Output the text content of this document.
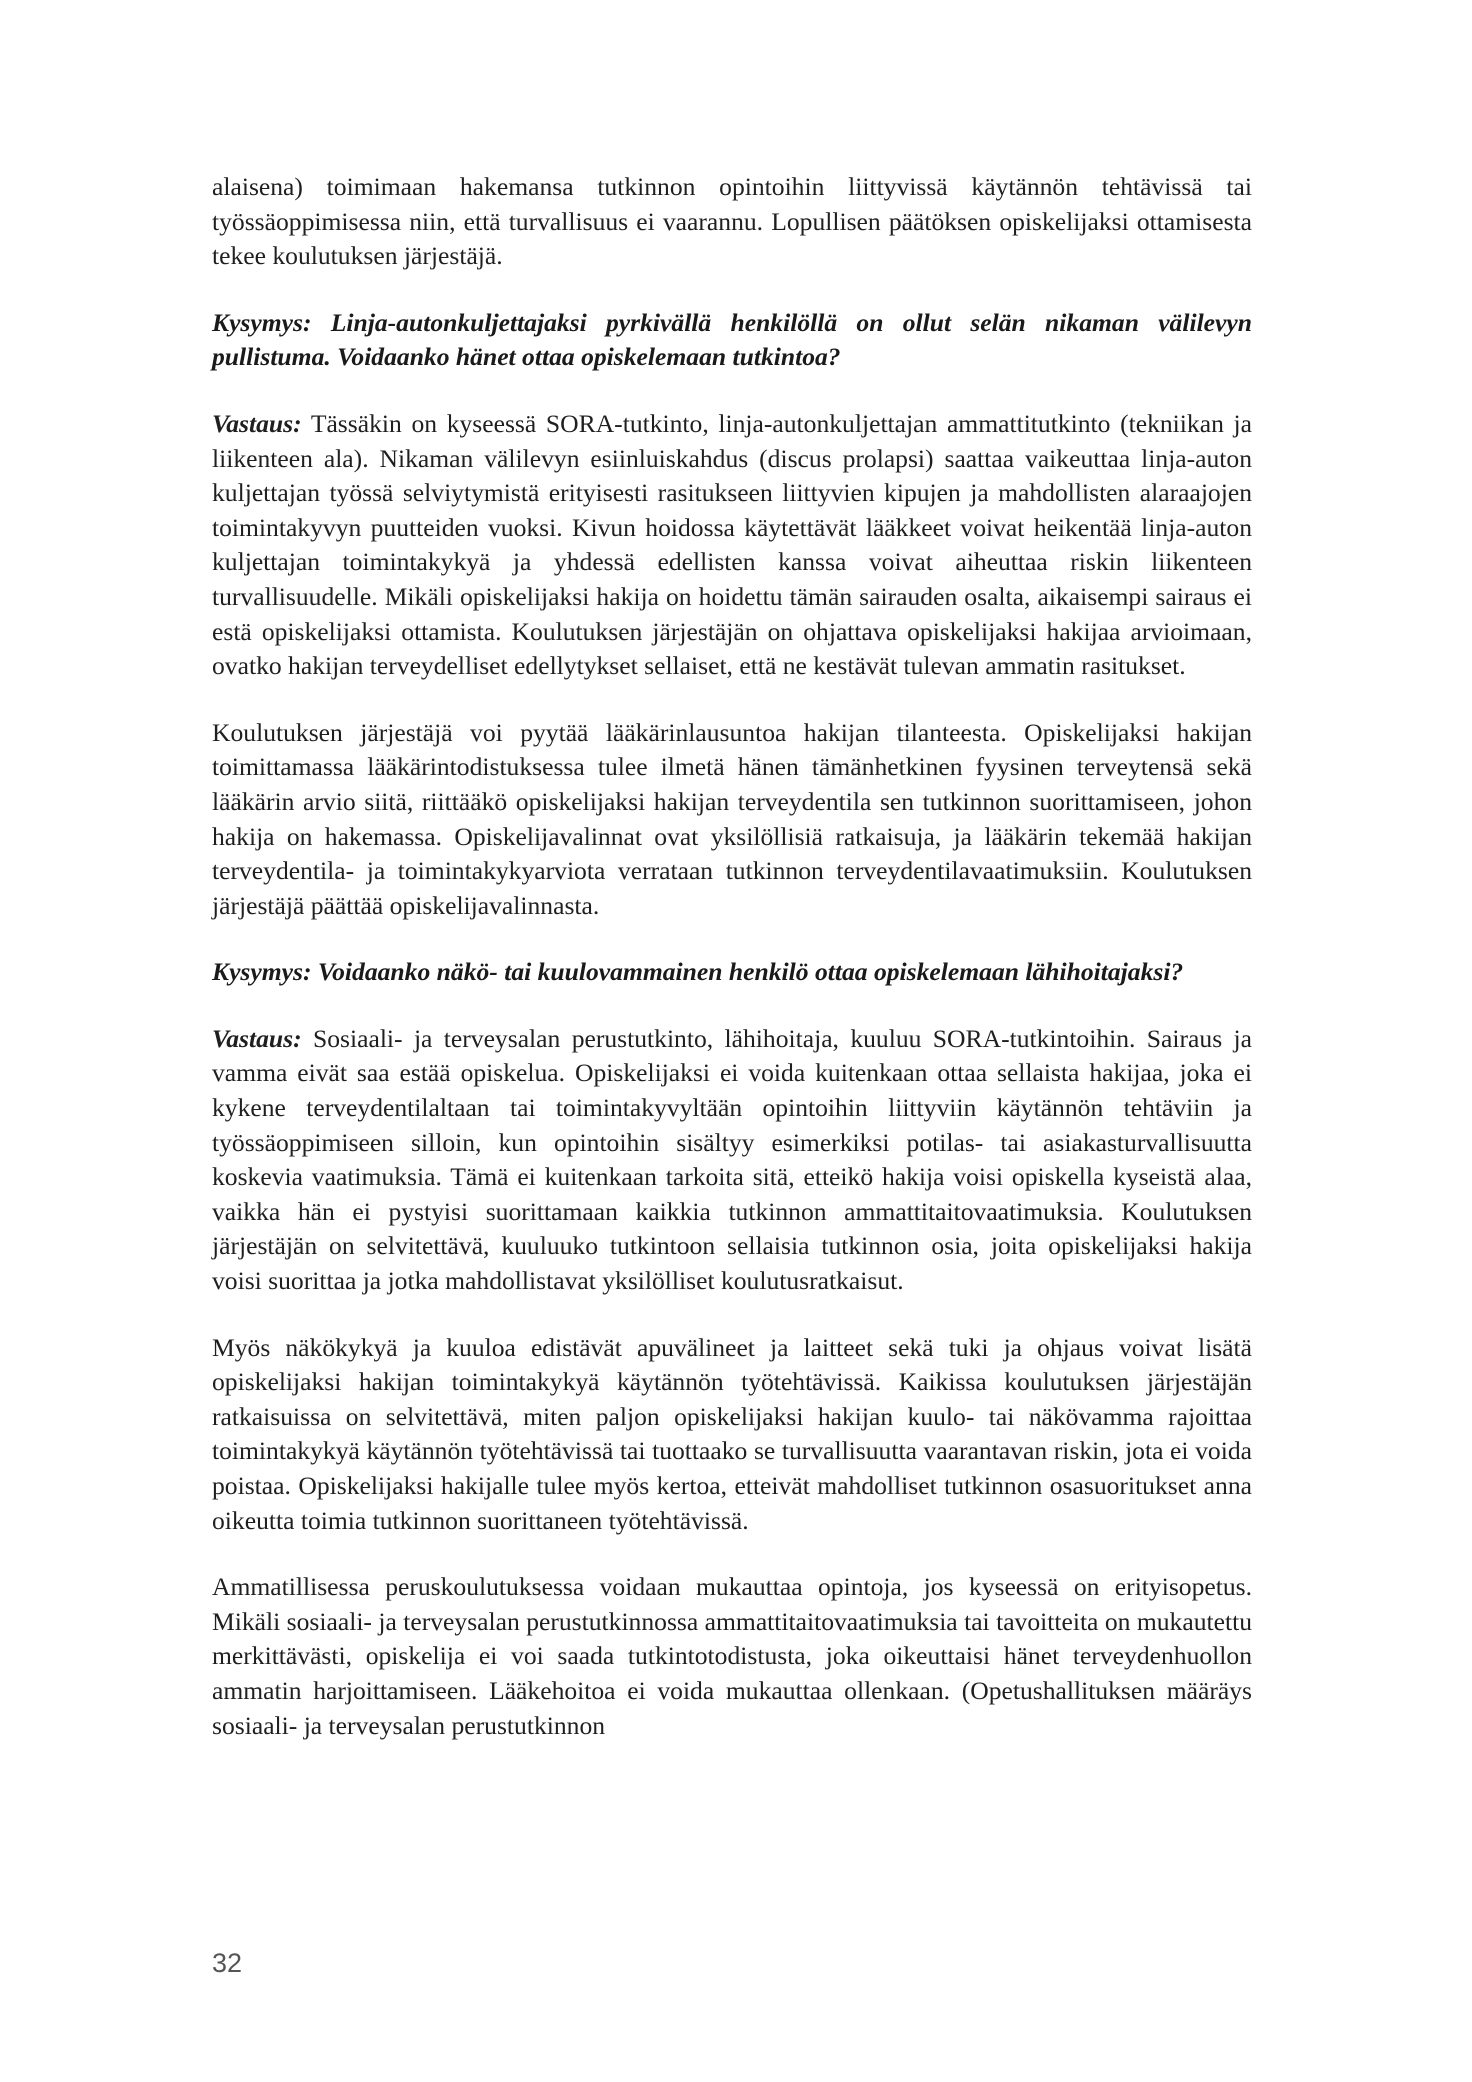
alaisena) toimimaan hakemansa tutkinnon opintoihin liittyvissä käytännön tehtävissä tai työssäoppimisessa niin, että turvallisuus ei vaarannu. Lopullisen päätöksen opiskelijaksi ottamisesta tekee koulutuksen järjestäjä.

Kysymys: Linja-autonkuljettajaksi pyrkivällä henkilöllä on ollut selän nikaman välilevyn pullistuma. Voidaanko hänet ottaa opiskelemaan tutkintoa?

Vastaus: Tässäkin on kyseessä SORA-tutkinto, linja-autonkuljettajan ammattitutkinto (tekniikan ja liikenteen ala). Nikaman välilevyn esiinluiskahdus (discus prolapsi) saattaa vaikeuttaa linja-auton kuljettajan työssä selviytymistä erityisesti rasitukseen liittyvien kipujen ja mahdollisten alaraajojen toimintakyvyn puutteiden vuoksi. Kivun hoidossa käytettävät lääkkeet voivat heikentää linja-auton kuljettajan toimintakykyä ja yhdessä edellisten kanssa voivat aiheuttaa riskin liikenteen turvallisuudelle. Mikäli opiskelijaksi hakija on hoidettu tämän sairauden osalta, aikaisempi sairaus ei estä opiskelijaksi ottamista. Koulutuksen järjestäjän on ohjattava opiskelijaksi hakijaa arvioimaan, ovatko hakijan terveydelliset edellytykset sellaiset, että ne kestävät tulevan ammatin rasitukset.

Koulutuksen järjestäjä voi pyytää lääkärinlausuntoa hakijan tilanteesta. Opiskelijaksi hakijan toimittamassa lääkärintodistuksessa tulee ilmetä hänen tämänhetkinen fyysinen terveytensä sekä lääkärin arvio siitä, riittääkö opiskelijaksi hakijan terveydentila sen tutkinnon suorittamiseen, johon hakija on hakemassa. Opiskelijavalinnat ovat yksilöllisiä ratkaisuja, ja lääkärin tekemää hakijan terveydentila- ja toimintakykyarviota verrataan tutkinnon terveydentilavaatimuksiin. Koulutuksen järjestäjä päättää opiskelijavalinnasta.

Kysymys: Voidaanko näkö- tai kuulovammainen henkilö ottaa opiskelemaan lähihoitajaksi?

Vastaus: Sosiaali- ja terveysalan perustutkinto, lähihoitaja, kuuluu SORA-tutkintoihin. Sairaus ja vamma eivät saa estää opiskelua. Opiskelijaksi ei voida kuitenkaan ottaa sellaista hakijaa, joka ei kykene terveydentilaltaan tai toimintakyvyltään opintoihin liittyviin käytännön tehtäviin ja työssäoppimiseen silloin, kun opintoihin sisältyy esimerkiksi potilas- tai asiakasturvallisuutta koskevia vaatimuksia. Tämä ei kuitenkaan tarkoita sitä, etteikö hakija voisi opiskella kyseistä alaa, vaikka hän ei pystyisi suorittamaan kaikkia tutkinnon ammattitaitovaatimuksia. Koulutuksen järjestäjän on selvitettävä, kuuluuko tutkintoon sellaisia tutkinnon osia, joita opiskelijaksi hakija voisi suorittaa ja jotka mahdollistavat yksilölliset koulutusratkaisut.

Myös näkökykyä ja kuuloa edistävät apuvälineet ja laitteet sekä tuki ja ohjaus voivat lisätä opiskelijaksi hakijan toimintakykyä käytännön työtehtävissä. Kaikissa koulutuksen järjestäjän ratkaisuissa on selvitettävä, miten paljon opiskelijaksi hakijan kuulo- tai näkövamma rajoittaa toimintakykyä käytännön työtehtävissä tai tuottaako se turvallisuutta vaarantavan riskin, jota ei voida poistaa. Opiskelijaksi hakijalle tulee myös kertoa, etteivät mahdolliset tutkinnon osasuoritukset anna oikeutta toimia tutkinnon suorittaneen työtehtävissä.

Ammatillisessa peruskoulutuksessa voidaan mukauttaa opintoja, jos kyseessä on erityisopetus. Mikäli sosiaali- ja terveysalan perustutkinnossa ammattitaitovaatimuksia tai tavoitteita on mukautettu merkittävästi, opiskelija ei voi saada tutkintotodistusta, joka oikeuttaisi hänet terveydenhuollon ammatin harjoittamiseen. Lääkehoitoa ei voida mukauttaa ollenkaan. (Opetushallituksen määräys sosiaali- ja terveysalan perustutkinnon

32
